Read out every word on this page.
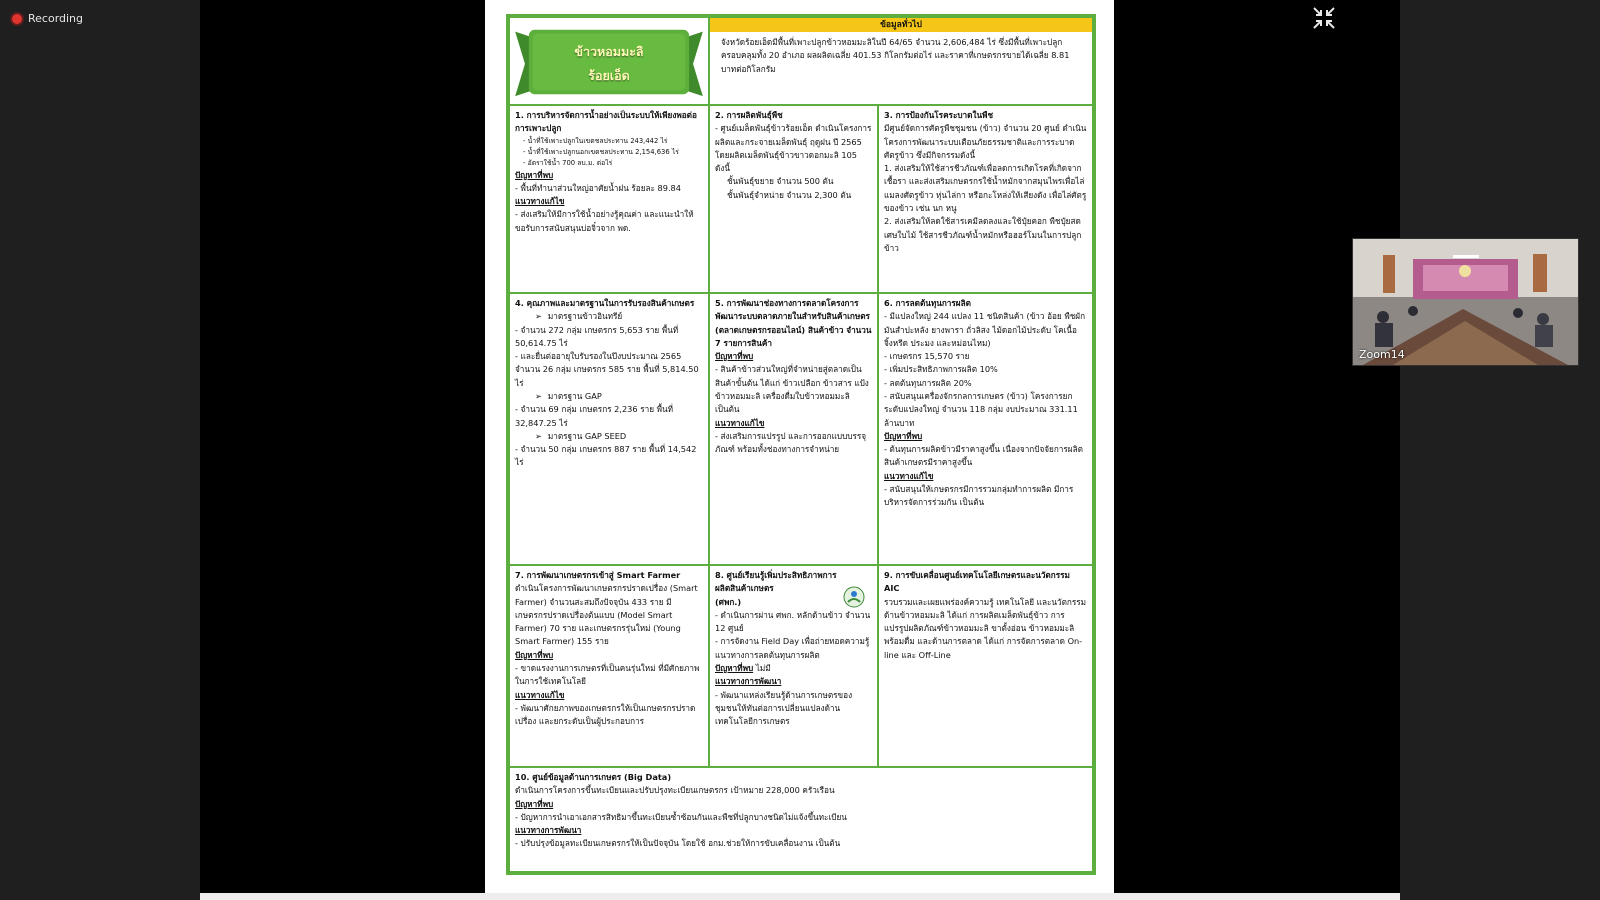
Recording
Zoom14
ข้าวหอมมะลิ
ร้อยเอ็ด
ข้อมูลทั่วไป

จังหวัดร้อยเอ็ดมีพื้นที่เพาะปลูกข้าวหอมมะลิในปี 64/65 จำนวน 2,606,484 ไร่ ซึ่งมีพื้นที่เพาะปลูกครอบคลุมทั้ง 20 อำเภอ ผลผลิตเฉลี่ย 401.53 กิโลกรัมต่อไร่ และราคาที่เกษตรกรขายได้เฉลี่ย 8.81 บาทต่อกิโลกรัม

1. การบริหารจัดการน้ำอย่างเป็นระบบให้เพียงพอต่อการเพาะปลูก

- น้ำที่ใช้เพาะปลูกในเขตชลประทาน 243,442 ไร่

- น้ำที่ใช้เพาะปลูกนอกเขตชลประทาน 2,154,636 ไร่

- อัตราใช้น้ำ 700 ลบ.ม. ต่อไร่

ปัญหาที่พบ

- พื้นที่ทำนาส่วนใหญ่อาศัยน้ำฝน ร้อยละ 89.84

แนวทางแก้ไข

- ส่งเสริมให้มีการใช้น้ำอย่างรู้คุณค่า และแนะนำให้ขอรับการสนับสนุนบ่อจิ๋วจาก พด.

2. การผลิตพันธุ์พืช

- ศูนย์เมล็ดพันธุ์ข้าวร้อยเอ็ด ดำเนินโครงการผลิตและกระจายเมล็ดพันธุ์ ฤดูฝน ปี 2565 โดยผลิตเมล็ดพันธุ์ข้าวขาวดอกมะลิ 105 ดังนี้

ชั้นพันธุ์ขยาย จำนวน 500 ตัน

ชั้นพันธุ์จำหน่าย จำนวน 2,300 ตัน

3. การป้องกันโรคระบาดในพืช

มีศูนย์จัดการศัตรูพืชชุมชน (ข้าว) จำนวน 20 ศูนย์ ดำเนินโครงการพัฒนาระบบเตือนภัยธรรมชาติและการระบาดศัตรูข้าว ซึ่งมีกิจกรรมดังนี้

1. ส่งเสริมให้ใช้สารชีวภัณฑ์เพื่อลดการเกิดโรคที่เกิดจากเชื้อรา และส่งเสริมเกษตรกรใช้น้ำหมักจากสมุนไพรเพื่อไล่แมลงศัตรูข้าว หุ่นไล่กา หรือกะโหล่งให้เสียงดัง เพื่อไล่ศัตรูของข้าว เช่น นก หนู

2. ส่งเสริมให้ลดใช้สารเคมีลดลงและใช้ปุ๋ยคอก พืชปุ๋ยสด เศษใบไม้ ใช้สารชีวภัณฑ์น้ำหมักหรือฮอร์โมนในการปลูกข้าว

4. คุณภาพและมาตรฐานในการรับรองสินค้าเกษตร

➢ มาตรฐานข้าวอินทรีย์

- จำนวน 272 กลุ่ม เกษตรกร 5,653 ราย พื้นที่ 50,614.75 ไร่

- และยื่นต่ออายุใบรับรองในปีงบประมาณ 2565 จำนวน 26 กลุ่ม เกษตรกร 585 ราย พื้นที่ 5,814.50 ไร่

➢ มาตรฐาน GAP

- จำนวน 69 กลุ่ม เกษตรกร 2,236 ราย พื้นที่ 32,847.25 ไร่

➢ มาตรฐาน GAP SEED

- จำนวน 50 กลุ่ม เกษตรกร 887 ราย พื้นที่ 14,542 ไร่

5. การพัฒนาช่องทางการตลาดโครงการพัฒนาระบบตลาดภายในสำหรับสินค้าเกษตร (ตลาดเกษตรกรออนไลน์) สินค้าข้าว จำนวน 7 รายการสินค้า

ปัญหาที่พบ

- สินค้าข้าวส่วนใหญ่ที่จำหน่ายสู่ตลาดเป็นสินค้าขั้นต้น ได้แก่ ข้าวเปลือก ข้าวสาร แป้งข้าวหอมมะลิ เครื่องดื่มใบข้าวหอมมะลิ เป็นต้น

แนวทางแก้ไข

- ส่งเสริมการแปรรูป และการออกแบบบรรจุภัณฑ์ พร้อมทั้งช่องทางการจำหน่าย

6. การลดต้นทุนการผลิต

- มีแปลงใหญ่ 244 แปลง 11 ชนิดสินค้า (ข้าว อ้อย พืชผัก มันสำปะหลัง ยางพารา ถั่วลิสง ไม้ดอกไม้ประดับ โคเนื้อ จิ้งหรีด ประมง และหม่อนไหม)

- เกษตรกร 15,570 ราย

- เพิ่มประสิทธิภาพการผลิต 10%

- ลดต้นทุนการผลิต 20%

- สนับสนุนเครื่องจักรกลการเกษตร (ข้าว) โครงการยกระดับแปลงใหญ่ จำนวน 118 กลุ่ม งบประมาณ 331.11 ล้านบาท

ปัญหาที่พบ

- ต้นทุนการผลิตข้าวมีราคาสูงขึ้น เนื่องจากปัจจัยการผลิตสินค้าเกษตรมีราคาสูงขึ้น

แนวทางแก้ไข

- สนับสนุนให้เกษตรกรมีการรวมกลุ่มทำการผลิต มีการบริหารจัดการร่วมกัน เป็นต้น

7. การพัฒนาเกษตรกรเข้าสู่ Smart Farmer

ดำเนินโครงการพัฒนาเกษตรกรปราดเปรื่อง (Smart Farmer) จำนวนสะสมถึงปัจจุบัน 433 ราย มีเกษตรกรปราดเปรื่องต้นแบบ (Model Smart Farmer) 70 ราย และเกษตรกรรุ่นใหม่ (Young Smart Farmer) 155 ราย

ปัญหาที่พบ

- ขาดแรงงานการเกษตรที่เป็นคนรุ่นใหม่ ที่มีศักยภาพในการใช้เทคโนโลยี

แนวทางแก้ไข

- พัฒนาศักยภาพของเกษตรกรให้เป็นเกษตรกรปราดเปรื่อง และยกระดับเป็นผู้ประกอบการ

8. ศูนย์เรียนรู้เพิ่มประสิทธิภาพการผลิตสินค้าเกษตร

(ศพก.)

- ดำเนินการผ่าน ศพก. หลักด้านข้าว จำนวน 12 ศูนย์

- การจัดงาน Field Day เพื่อถ่ายทอดความรู้แนวทางการลดต้นทุนการผลิต

ปัญหาที่พบ ไม่มี

แนวทางการพัฒนา

- พัฒนาแหล่งเรียนรู้ด้านการเกษตรของชุมชนให้ทันต่อการเปลี่ยนแปลงด้านเทคโนโลยีการเกษตร

9. การขับเคลื่อนศูนย์เทคโนโลยีเกษตรและนวัตกรรม AIC

รวบรวมและเผยแพร่องค์ความรู้ เทคโนโลยี และนวัตกรรมด้านข้าวหอมมะลิ ได้แก่ การผลิตเมล็ดพันธุ์ข้าว การแปรรูปผลิตภัณฑ์ข้าวหอมมะลิ ขาตั้งอ่อน ข้าวหอมมะลิพร้อมดื่ม และด้านการตลาด ได้แก่ การจัดการตลาด On-line และ Off-Line

10. ศูนย์ข้อมูลด้านการเกษตร (Big Data)

ดำเนินการโครงการขึ้นทะเบียนและปรับปรุงทะเบียนเกษตรกร เป้าหมาย 228,000 ครัวเรือน

ปัญหาที่พบ

- ปัญหาการนำเอาเอกสารสิทธิมาขึ้นทะเบียนซ้ำซ้อนกันและพืชที่ปลูกบางชนิดไม่แจ้งขึ้นทะเบียน

แนวทางการพัฒนา

- ปรับปรุงข้อมูลทะเบียนเกษตรกรให้เป็นปัจจุบัน โดยใช้ อกม.ช่วยให้การขับเคลื่อนงาน เป็นต้น
